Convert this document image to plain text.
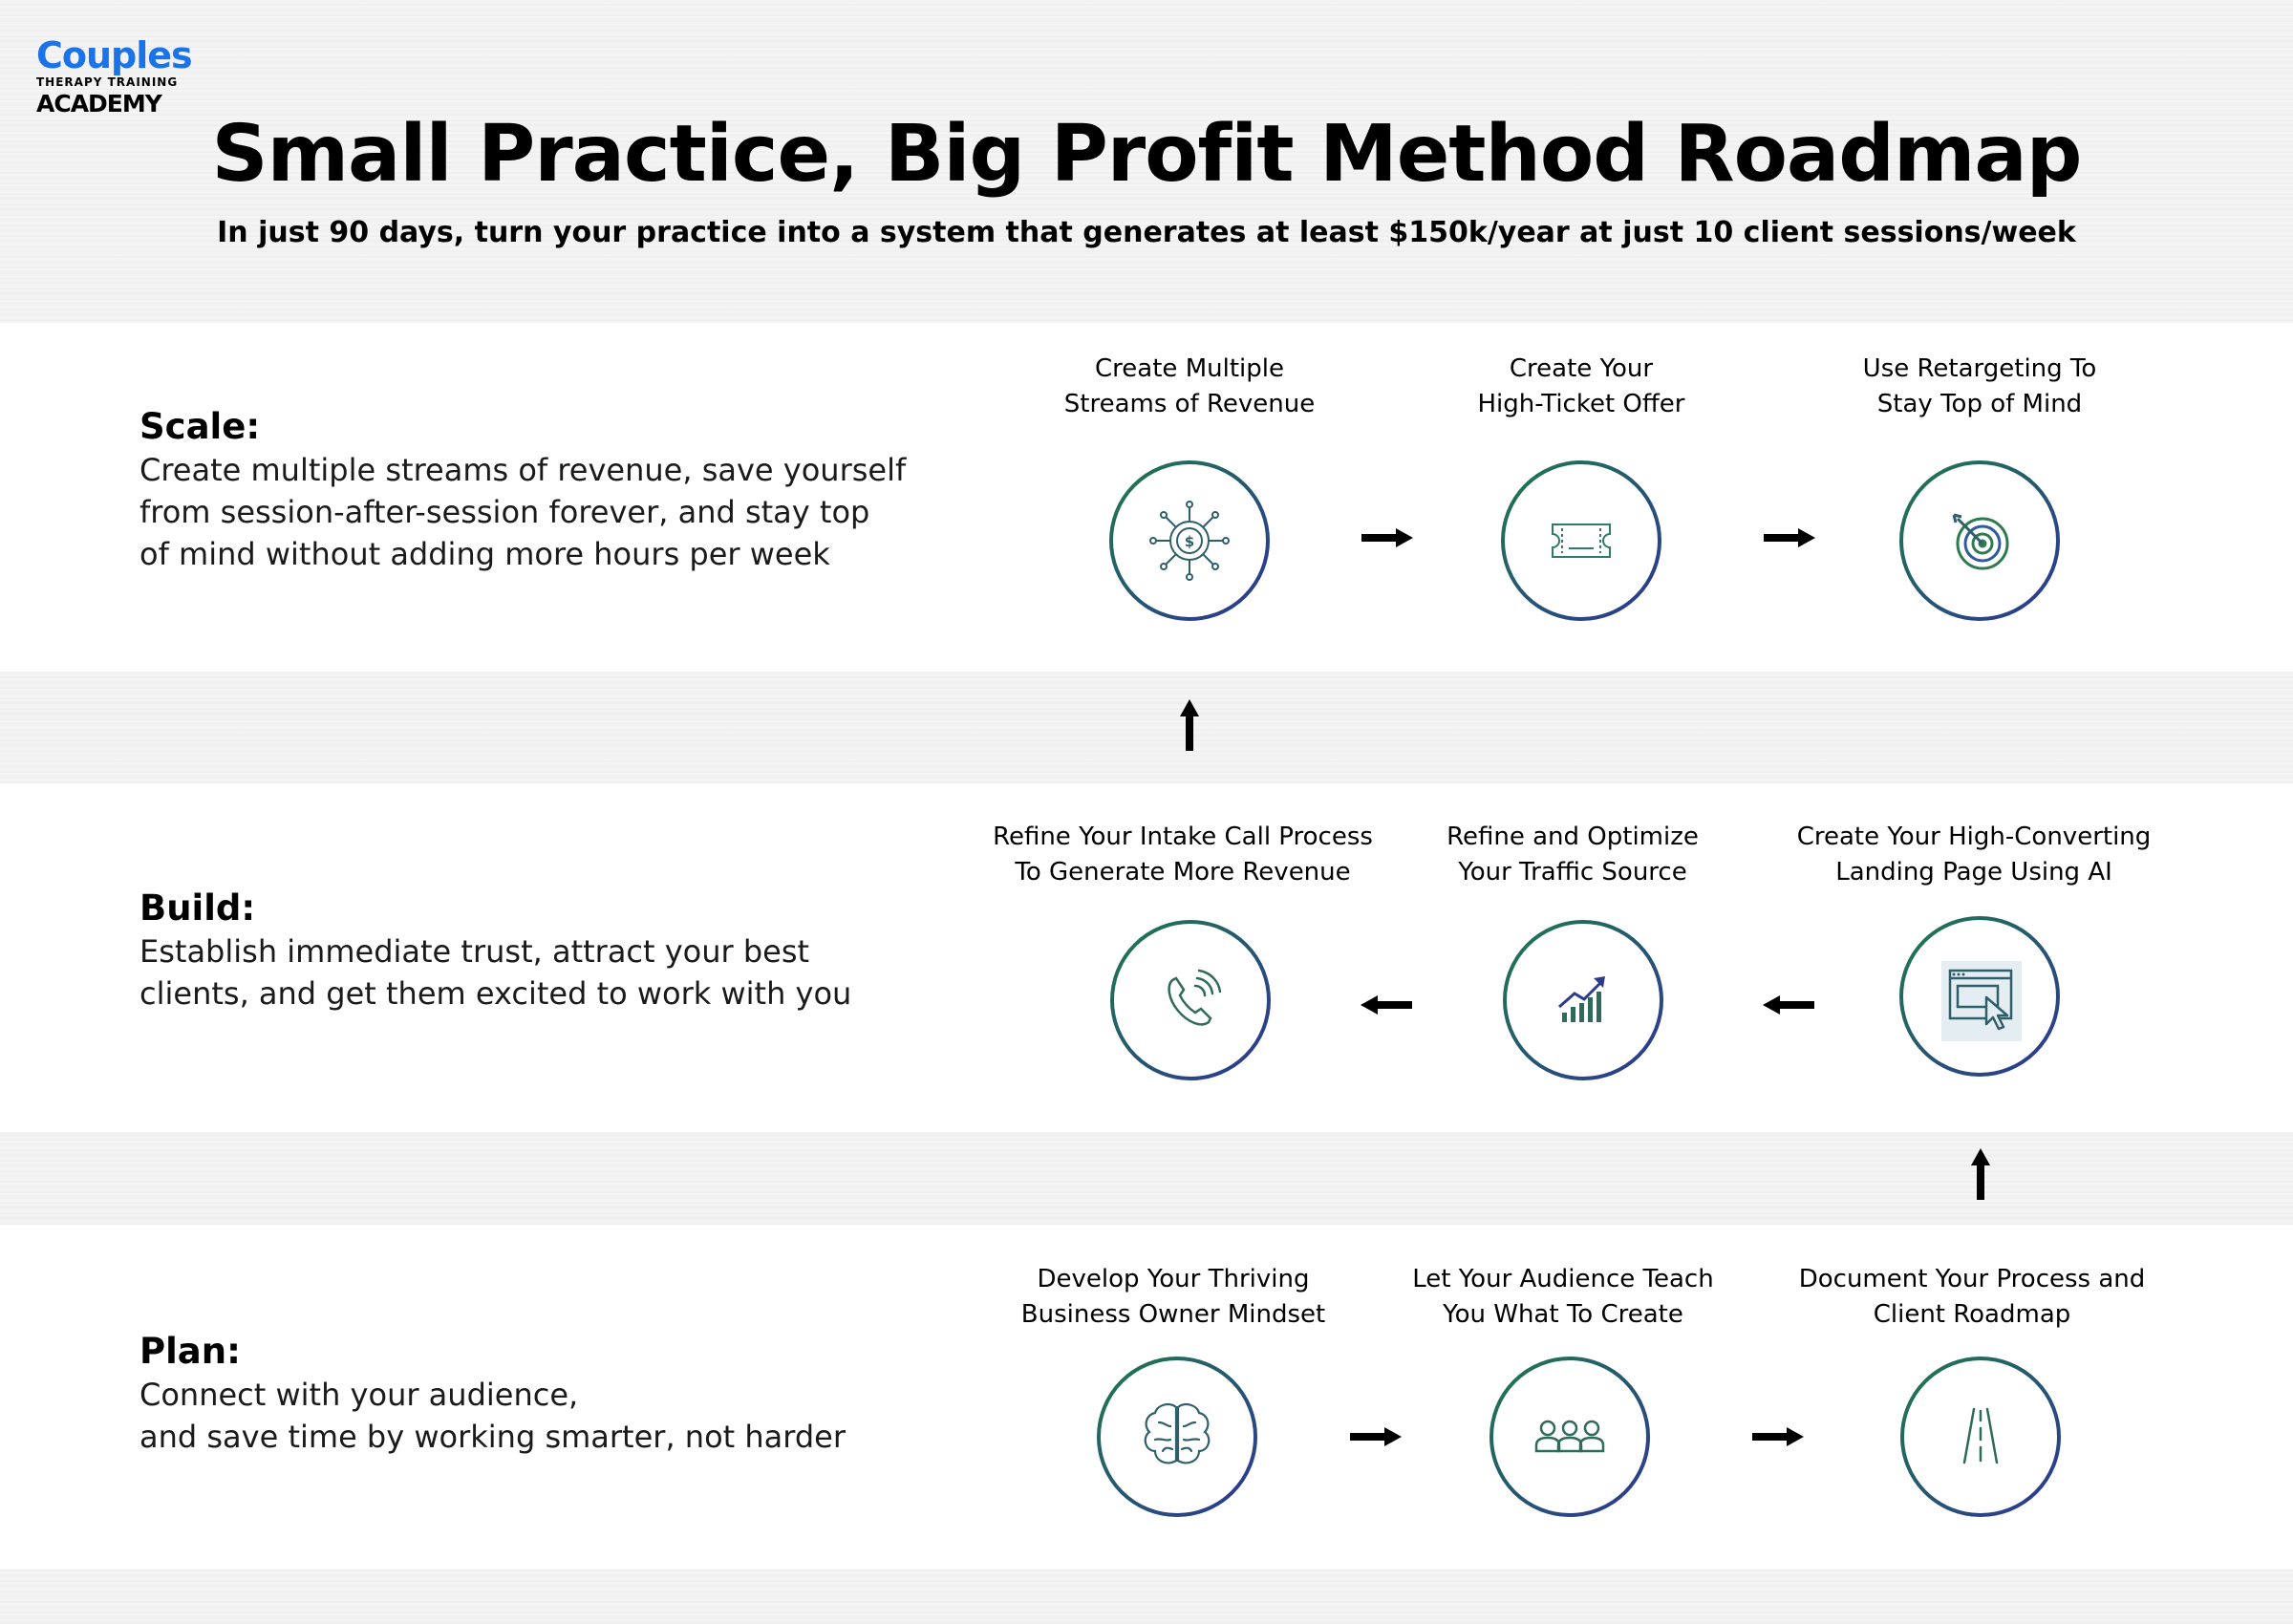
Couples
THERAPY TRAINING
ACADEMY
Small Practice, Big Profit Method Roadmap
In just 90 days, turn your practice into a system that generates at least $150k/year at just 10 client sessions/week
Scale:
Create multiple streams of revenue, save yourself
from session-after-session forever, and stay top
of mind without adding more hours per week
Create Multiple
Streams of Revenue
Create Your
High-Ticket Offer
Use Retargeting To
Stay Top of Mind
$
Build:
Establish immediate trust, attract your best
clients, and get them excited to work with you
Refine Your Intake Call Process
To Generate More Revenue
Refine and Optimize
Your Traffic Source
Create Your High-Converting
Landing Page Using AI
Plan:
Connect with your audience,
and save time by working smarter, not harder
Develop Your Thriving
Business Owner Mindset
Let Your Audience Teach
You What To Create
Document Your Process and
Client Roadmap
